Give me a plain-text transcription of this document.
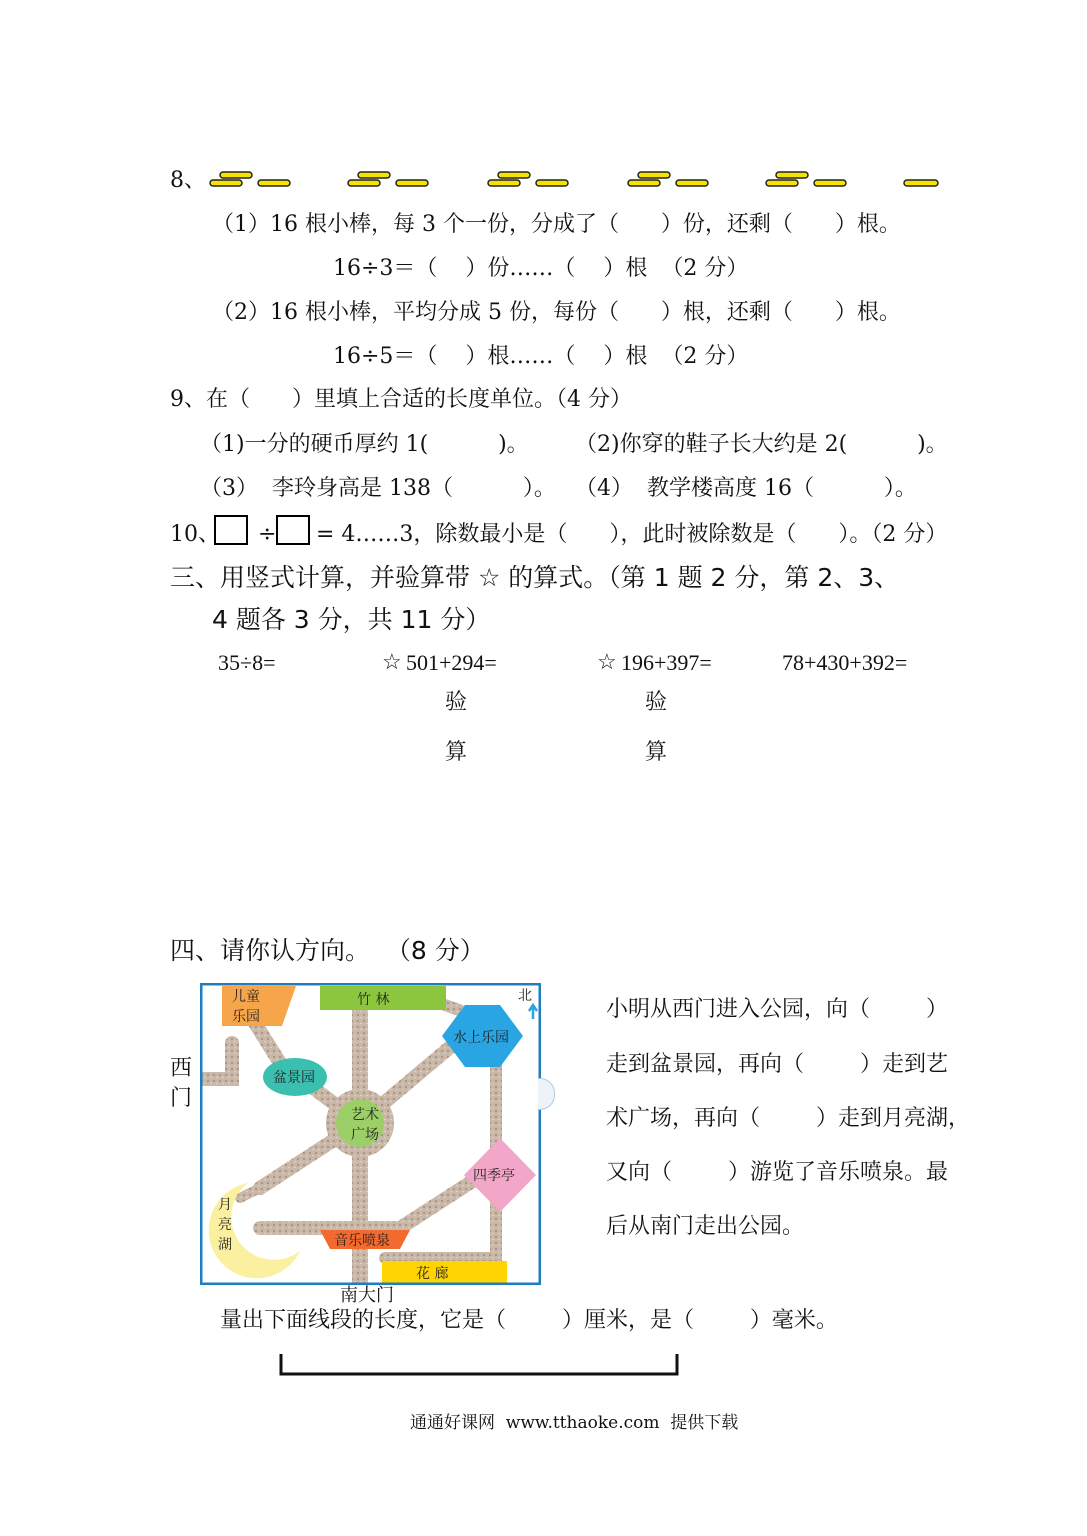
8、
（1）16 根小棒，每 3 个一份，分成了（      ）份，还剩（      ）根。
16÷3＝（    ）份……（    ）根  （2 分）
（2）16 根小棒，平均分成 5 份，每份（      ）根，还剩（      ）根。
16÷5＝（    ）根……（    ）根  （2 分）
9、在（      ）里填上合适的长度单位。（4 分）
（1)一分的硬币厚约 1(          )。 （2)你穿的鞋子长大约是 2(          )。
（3）  李玲身高是 138（          ）。 （4）  教学楼高度 16（          ）。
10、 ÷ = 4……3，除数最小是（      ），此时被除数是（      ）。（2 分）
三、用竖式计算，并验算带 ☆ 的算式。（第 1 题 2 分，第 2、3、
4 题各 3 分，共 11 分）
35÷8=	☆ 501+294=	☆ 196+397=	78+430+392=
验
算
验
算
四、请你认方向。  （8 分）
西
门
艺术
广场
儿童
乐园
竹 林
水上乐园
盆景园
四季亭
月
亮
湖	音乐喷泉
花 廊
北
南大门
小明从西门进入公园，向（        ）
走到盆景园，再向（        ）走到艺
术广场，再向（        ）走到月亮湖，
又向（        ）游览了音乐喷泉。最
后从南门走出公园。
量出下面线段的长度，它是（        ）厘米，是（        ）毫米。
通通好课网  www.tthaoke.com  提供下载
